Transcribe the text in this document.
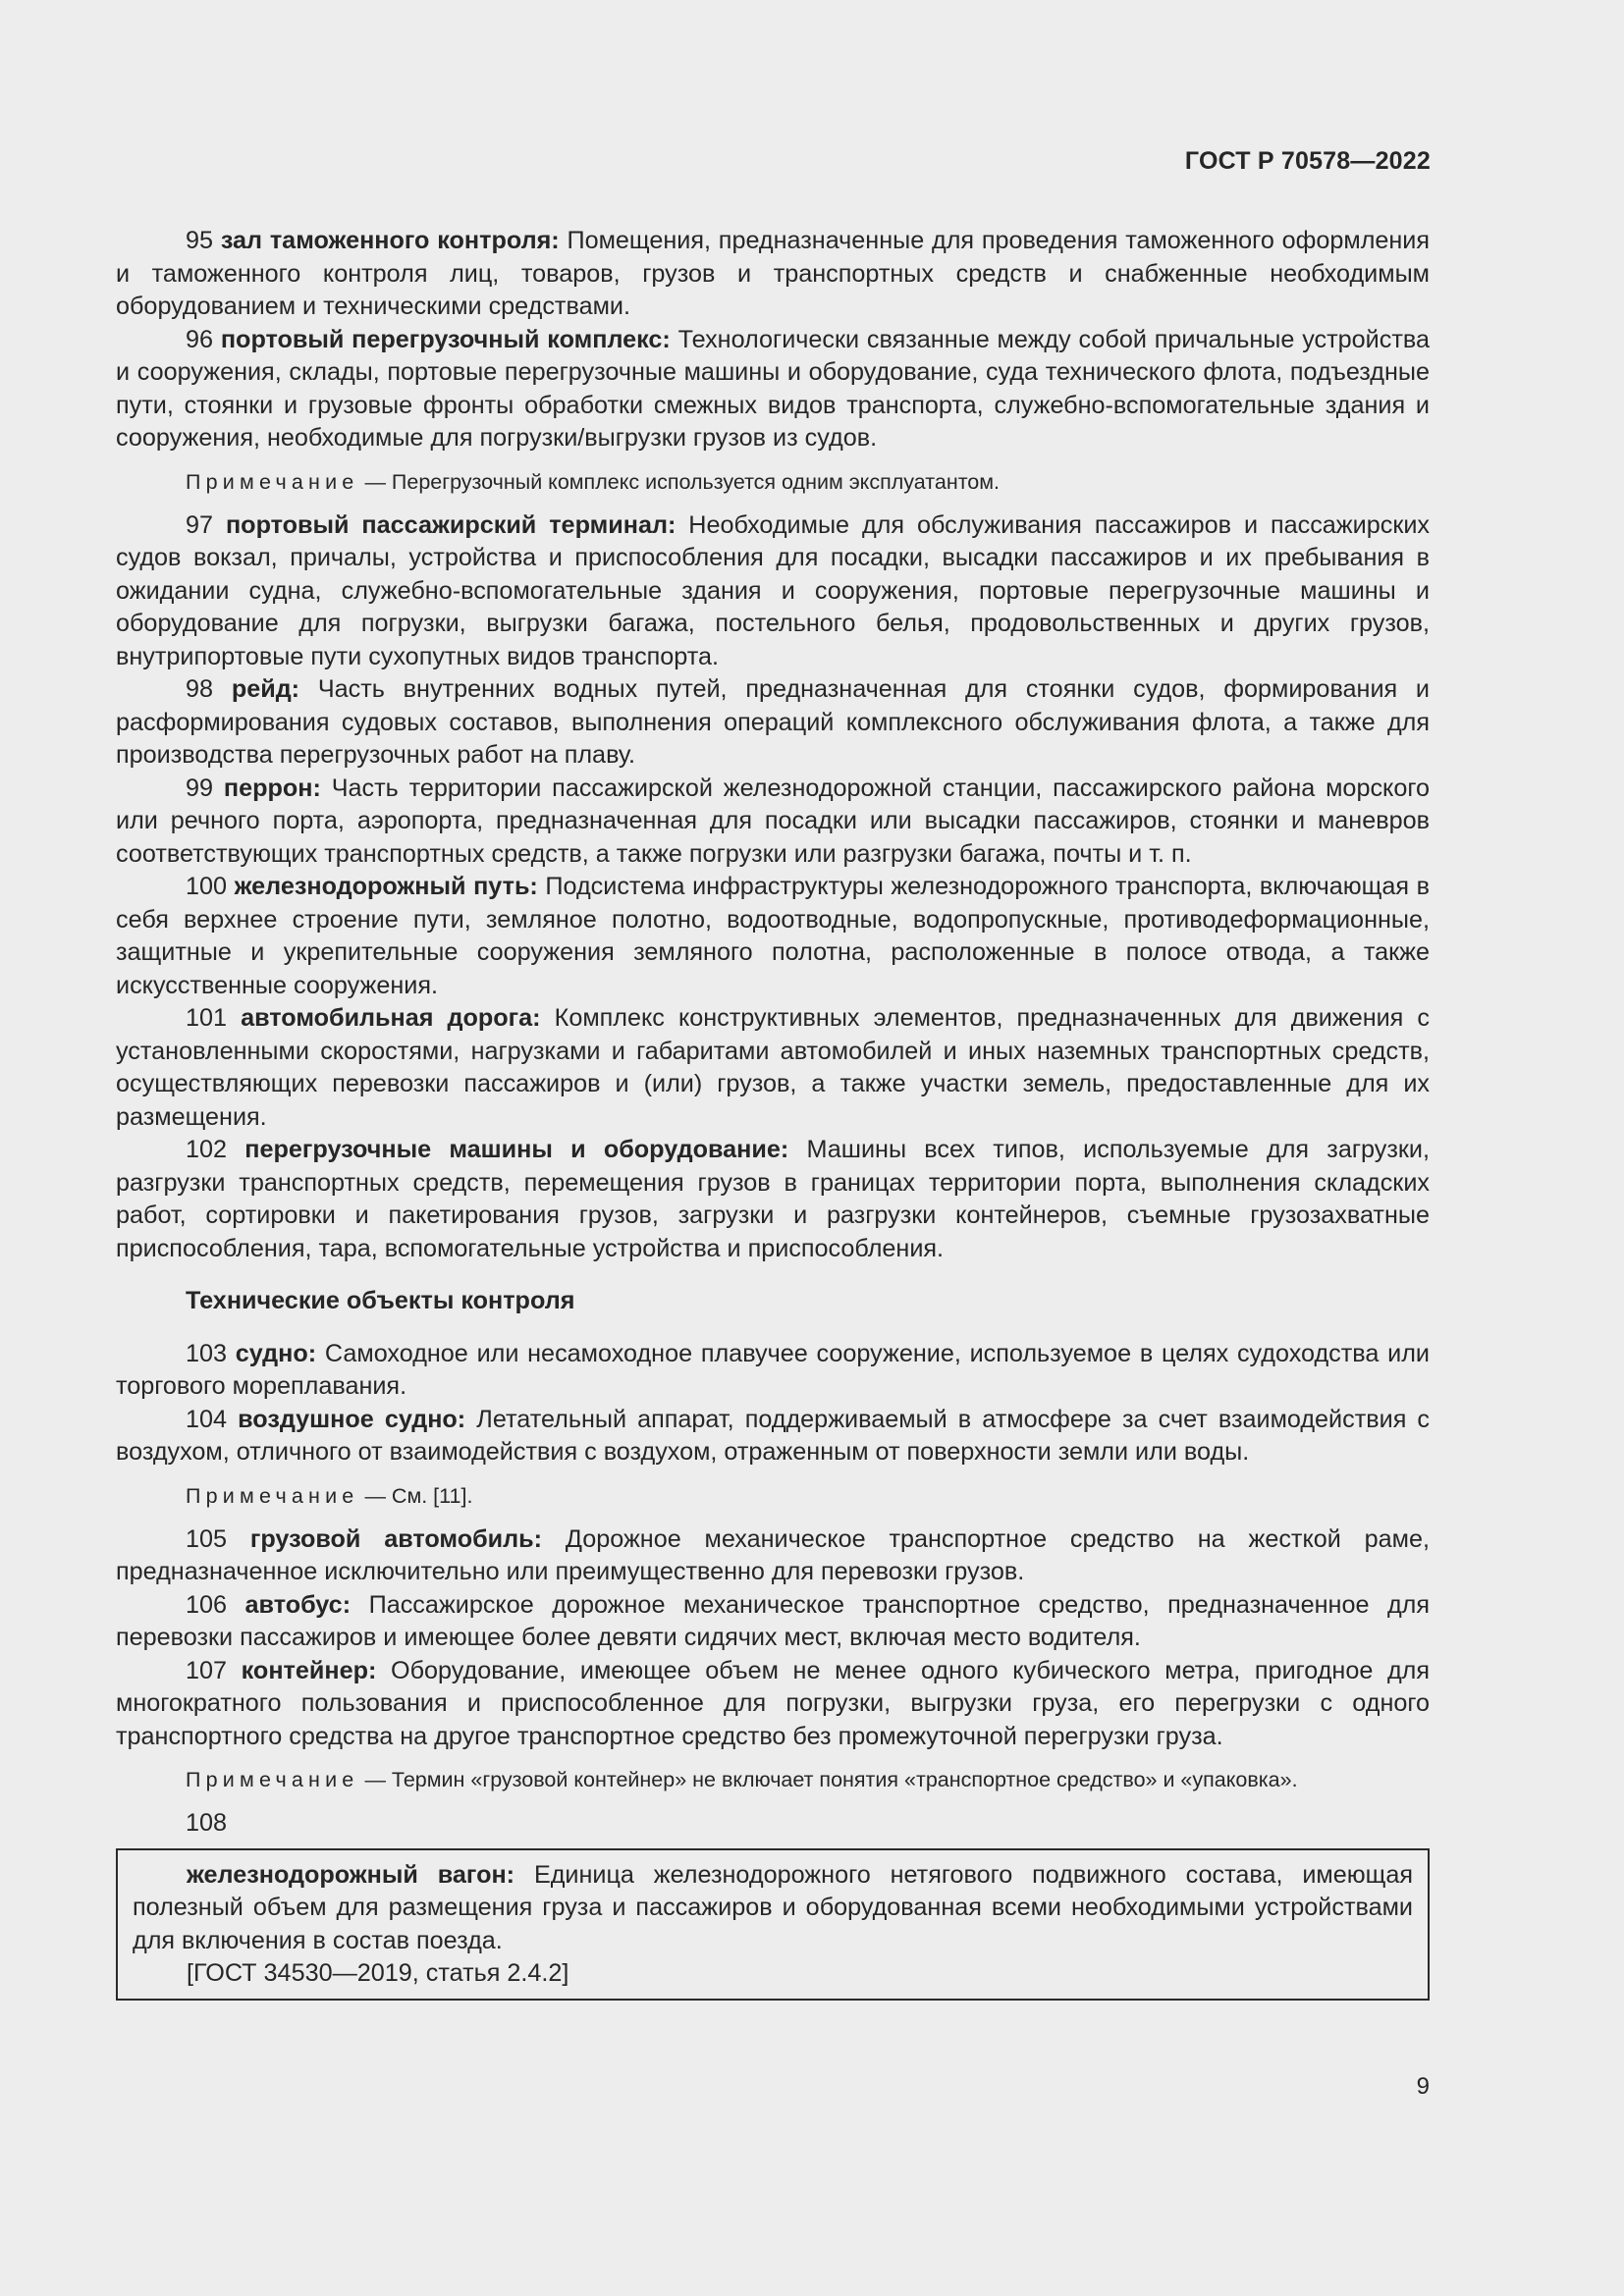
ГОСТ Р 70578—2022

95 зал таможенного контроля: Помещения, предназначенные для проведения таможенного оформления и таможенного контроля лиц, товаров, грузов и транспортных средств и снабженные необходимым оборудованием и техническими средствами.

96 портовый перегрузочный комплекс: Технологически связанные между собой причальные устройства и сооружения, склады, портовые перегрузочные машины и оборудование, суда технического флота, подъездные пути, стоянки и грузовые фронты обработки смежных видов транспорта, служебно-вспомогательные здания и сооружения, необходимые для погрузки/выгрузки грузов из судов.

Примечание — Перегрузочный комплекс используется одним эксплуатантом.

97 портовый пассажирский терминал: Необходимые для обслуживания пассажиров и пассажирских судов вокзал, причалы, устройства и приспособления для посадки, высадки пассажиров и их пребывания в ожидании судна, служебно-вспомогательные здания и сооружения, портовые перегрузочные машины и оборудование для погрузки, выгрузки багажа, постельного белья, продовольственных и других грузов, внутрипортовые пути сухопутных видов транспорта.

98 рейд: Часть внутренних водных путей, предназначенная для стоянки судов, формирования и расформирования судовых составов, выполнения операций комплексного обслуживания флота, а также для производства перегрузочных работ на плаву.

99 перрон: Часть территории пассажирской железнодорожной станции, пассажирского района морского или речного порта, аэропорта, предназначенная для посадки или высадки пассажиров, стоянки и маневров соответствующих транспортных средств, а также погрузки или разгрузки багажа, почты и т. п.

100 железнодорожный путь: Подсистема инфраструктуры железнодорожного транспорта, включающая в себя верхнее строение пути, земляное полотно, водоотводные, водопропускные, противодеформационные, защитные и укрепительные сооружения земляного полотна, расположенные в полосе отвода, а также искусственные сооружения.

101 автомобильная дорога: Комплекс конструктивных элементов, предназначенных для движения с установленными скоростями, нагрузками и габаритами автомобилей и иных наземных транспортных средств, осуществляющих перевозки пассажиров и (или) грузов, а также участки земель, предоставленные для их размещения.

102 перегрузочные машины и оборудование: Машины всех типов, используемые для загрузки, разгрузки транспортных средств, перемещения грузов в границах территории порта, выполнения складских работ, сортировки и пакетирования грузов, загрузки и разгрузки контейнеров, съемные грузозахватные приспособления, тара, вспомогательные устройства и приспособления.

Технические объекты контроля

103 судно: Самоходное или несамоходное плавучее сооружение, используемое в целях судоходства или торгового мореплавания.

104 воздушное судно: Летательный аппарат, поддерживаемый в атмосфере за счет взаимодействия с воздухом, отличного от взаимодействия с воздухом, отраженным от поверхности земли или воды.

Примечание — См. [11].

105 грузовой автомобиль: Дорожное механическое транспортное средство на жесткой раме, предназначенное исключительно или преимущественно для перевозки грузов.

106 автобус: Пассажирское дорожное механическое транспортное средство, предназначенное для перевозки пассажиров и имеющее более девяти сидячих мест, включая место водителя.

107 контейнер: Оборудование, имеющее объем не менее одного кубического метра, пригодное для многократного пользования и приспособленное для погрузки, выгрузки груза, его перегрузки с одного транспортного средства на другое транспортное средство без промежуточной перегрузки груза.

Примечание — Термин «грузовой контейнер» не включает понятия «транспортное средство» и «упаковка».

108

железнодорожный вагон: Единица железнодорожного нетягового подвижного состава, имеющая полезный объем для размещения груза и пассажиров и оборудованная всеми необходимыми устройствами для включения в состав поезда.

[ГОСТ 34530—2019, статья 2.4.2]

9
